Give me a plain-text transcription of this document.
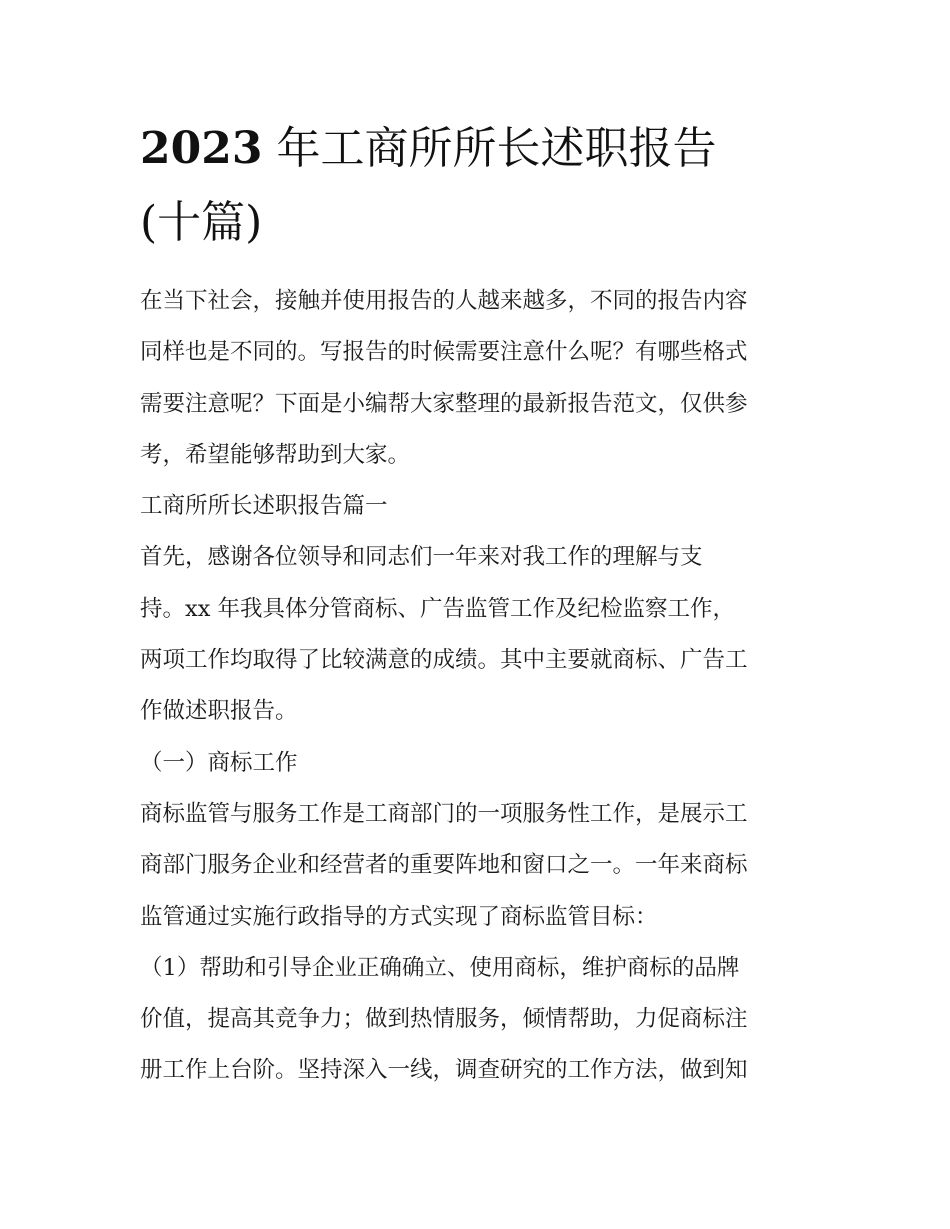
2023 年工商所所长述职报告
(十篇)
在当下社会，接触并使用报告的人越来越多，不同的报告内容
同样也是不同的。写报告的时候需要注意什么呢？有哪些格式
需要注意呢？下面是小编帮大家整理的最新报告范文，仅供参
考，希望能够帮助到大家。
工商所所长述职报告篇一
首先，感谢各位领导和同志们一年来对我工作的理解与支
持。xx 年我具体分管商标、广告监管工作及纪检监察工作，
两项工作均取得了比较满意的成绩。其中主要就商标、广告工
作做述职报告。
（一）商标工作
商标监管与服务工作是工商部门的一项服务性工作，是展示工
商部门服务企业和经营者的重要阵地和窗口之一。一年来商标
监管通过实施行政指导的方式实现了商标监管目标：
（1）帮助和引导企业正确确立、使用商标，维护商标的品牌
价值，提高其竞争力；做到热情服务，倾情帮助，力促商标注
册工作上台阶。坚持深入一线，调查研究的工作方法，做到知
